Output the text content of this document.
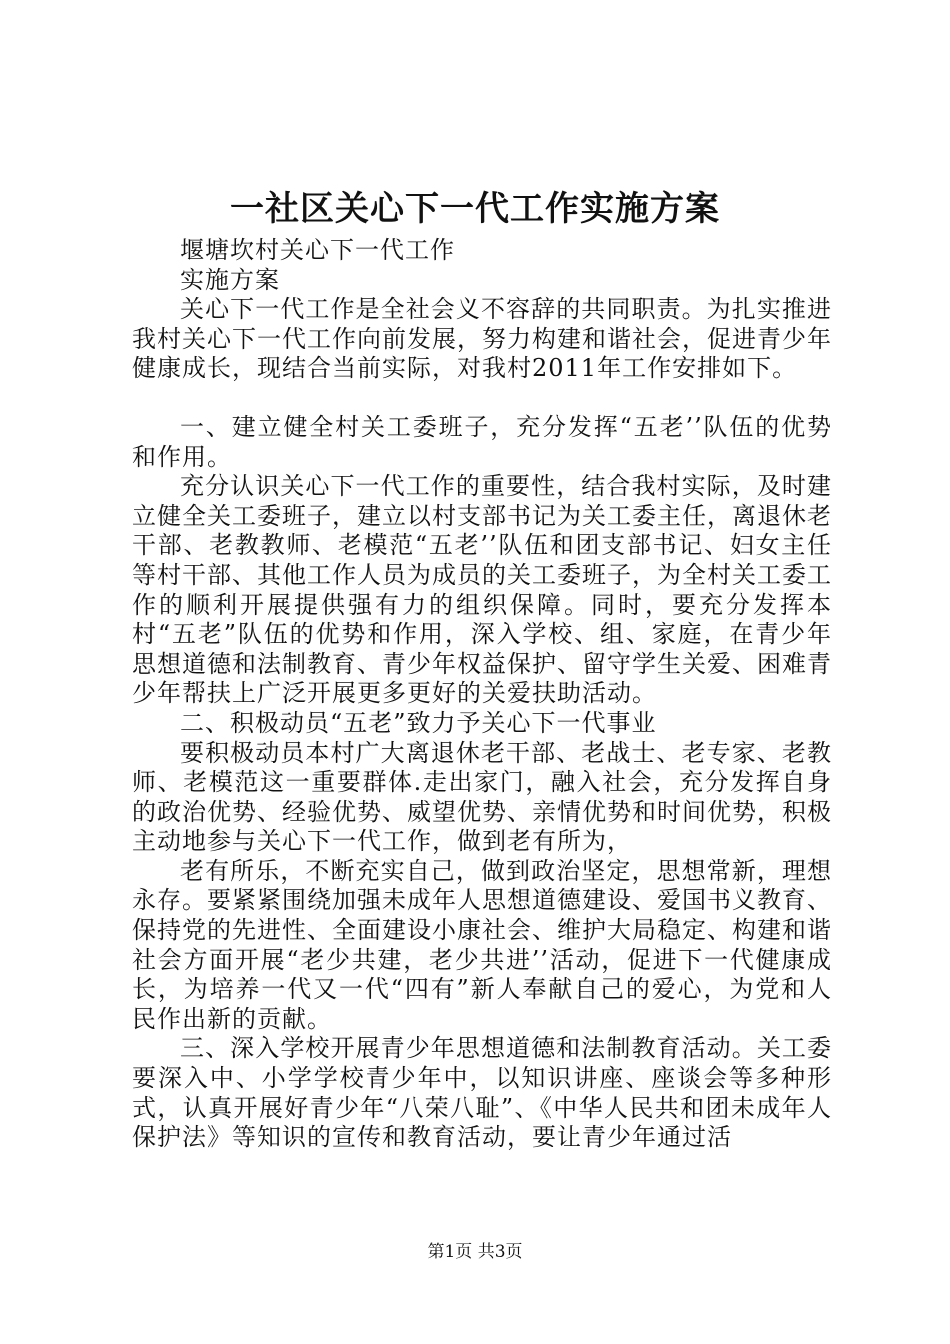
一社区关心下一代工作实施方案

堰塘坎村关心下一代工作

实施方案

关心下一代工作是全社会义不容辞的共同职责。为扎实推进我村关心下一代工作向前发展，努力构建和谐社会，促进青少年健康成长，现结合当前实际，对我村2011年工作安排如下。

一、建立健全村关工委班子，充分发挥“五老’’队伍的优势和作用。

充分认识关心下一代工作的重要性，结合我村实际，及时建立健全关工委班子，建立以村支部书记为关工委主任，离退休老干部、老教教师、老模范“五老’’队伍和团支部书记、妇女主任等村干部、其他工作人员为成员的关工委班子，为全村关工委工作的顺利开展提供强有力的组织保障。同时，要充分发挥本村“五老”队伍的优势和作用，深入学校、组、家庭，在青少年思想道德和法制教育、青少年权益保护、留守学生关爱、困难青少年帮扶上广泛开展更多更好的关爱扶助活动。

二、积极动员“五老”致力予关心下一代事业

要积极动员本村广大离退休老干部、老战士、老专家、老教师、老模范这一重要群体.走出家门，融入社会，充分发挥自身的政治优势、经验优势、威望优势、亲情优势和时间优势，积极主动地参与关心下一代工作，做到老有所为，

老有所乐，不断充实自己，做到政治坚定，思想常新，理想永存。要紧紧围绕加强未成年人思想道德建设、爱国书义教育、保持党的先进性、全面建设小康社会、维护大局稳定、构建和谐社会方面开展“老少共建，老少共进’’活动，促进下一代健康成长，为培养一代又一代“四有”新人奉献自己的爱心，为党和人民作出新的贡献。

三、深入学校开展青少年思想道德和法制教育活动。关工委要深入中、小学学校青少年中，以知识讲座、座谈会等多种形式，认真开展好青少年“八荣八耻”、《中华人民共和团未成年人保护法》等知识的宣传和教育活动，要让青少年通过活

第1页 共3页
